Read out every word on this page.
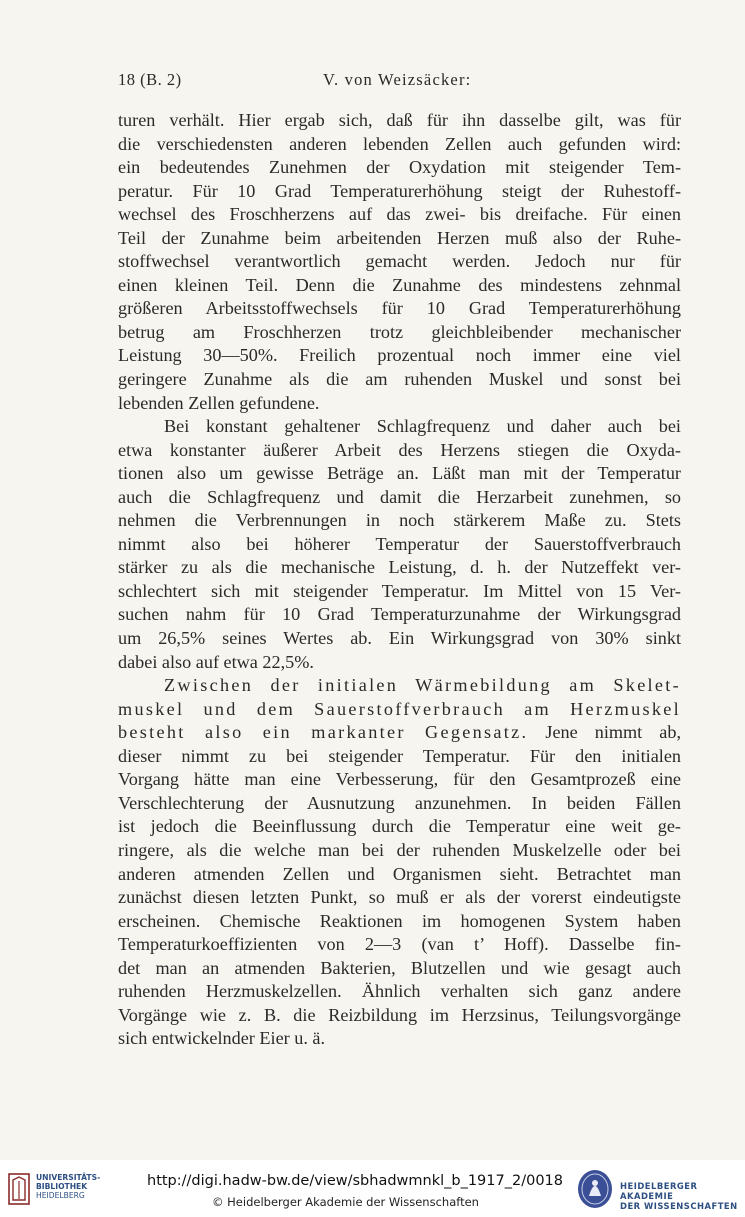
18 (B. 2)	V. von Weizsäcker:

turen verhält. Hier ergab sich, daß für ihn dasselbe gilt, was für
die verschiedensten anderen lebenden Zellen auch gefunden wird:
ein bedeutendes Zunehmen der Oxydation mit steigender Tem-
peratur. Für 10 Grad Temperaturerhöhung steigt der Ruhestoff-
wechsel des Froschherzens auf das zwei- bis dreifache. Für einen
Teil der Zunahme beim arbeitenden Herzen muß also der Ruhe-
stoffwechsel verantwortlich gemacht werden. Jedoch nur für
einen kleinen Teil. Denn die Zunahme des mindestens zehnmal
größeren Arbeitsstoffwechsels für 10 Grad Temperaturerhöhung
betrug am Froschherzen trotz gleichbleibender mechanischer
Leistung 30—50%. Freilich prozentual noch immer eine viel
geringere Zunahme als die am ruhenden Muskel und sonst bei
lebenden Zellen gefundene.

Bei konstant gehaltener Schlagfrequenz und daher auch bei
etwa konstanter äußerer Arbeit des Herzens stiegen die Oxyda-
tionen also um gewisse Beträge an. Läßt man mit der Temperatur
auch die Schlagfrequenz und damit die Herzarbeit zunehmen, so
nehmen die Verbrennungen in noch stärkerem Maße zu. Stets
nimmt also bei höherer Temperatur der Sauerstoffverbrauch
stärker zu als die mechanische Leistung, d. h. der Nutzeffekt ver-
schlechtert sich mit steigender Temperatur. Im Mittel von 15 Ver-
suchen nahm für 10 Grad Temperaturzunahme der Wirkungsgrad
um 26,5% seines Wertes ab. Ein Wirkungsgrad von 30% sinkt
dabei also auf etwa 22,5%.

Zwischen der initialen Wärmebildung am Skelet-
muskel und dem Sauerstoffverbrauch am Herzmuskel
besteht also ein markanter Gegensatz. Jene nimmt ab,
dieser nimmt zu bei steigender Temperatur. Für den initialen
Vorgang hätte man eine Verbesserung, für den Gesamtprozeß eine
Verschlechterung der Ausnutzung anzunehmen. In beiden Fällen
ist jedoch die Beeinflussung durch die Temperatur eine weit ge-
ringere, als die welche man bei der ruhenden Muskelzelle oder bei
anderen atmenden Zellen und Organismen sieht. Betrachtet man
zunächst diesen letzten Punkt, so muß er als der vorerst eindeutigste
erscheinen. Chemische Reaktionen im homogenen System haben
Temperaturkoeffizienten von 2—3 (van t’ Hoff). Dasselbe fin-
det man an atmenden Bakterien, Blutzellen und wie gesagt auch
ruhenden Herzmuskelzellen. Ähnlich verhalten sich ganz andere
Vorgänge wie z. B. die Reizbildung im Herzsinus, Teilungsvorgänge
sich entwickelnder Eier u. ä.

UNIVERSITÄTS-
BIBLIOTHEK
HEIDELBERG
http://digi.hadw-bw.de/view/sbhadwmnkl_b_1917_2/0018
© Heidelberger Akademie der Wissenschaften
HEIDELBERGER AKADEMIE
DER WISSENSCHAFTEN
